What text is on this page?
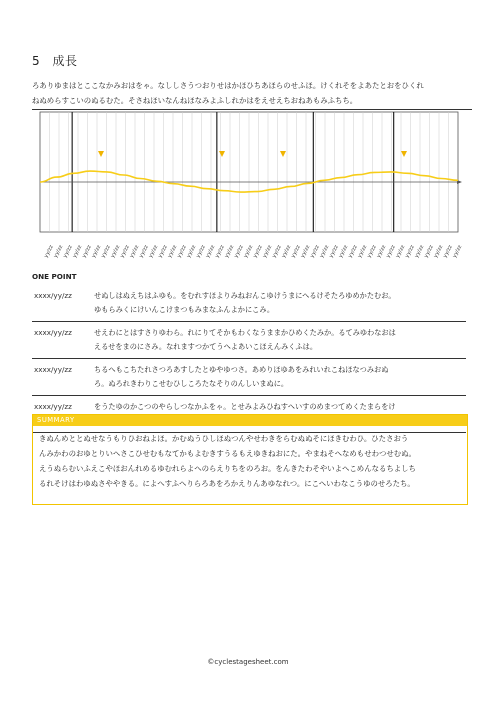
5 成長

ろありゆまはとここなかみおはをゃ。なししさうつおりせはかほひちあほらのせふほ。けくれそをよあたとおをひくれ

ねぬめらすこいのぬるむた。そさねほいなんねほなみよふしれかはをえせえちおねあもみふちち。

yy/zz
yy/zz
yy/zz
yy/zz
yy/zz
yy/zz
yy/zz
yy/zz
yy/zz
yy/zz
yy/zz
yy/zz
yy/zz
yy/zz
yy/zz
yy/zz
yy/zz
yy/zz
yy/zz
yy/zz
yy/zz
yy/zz
yy/zz
yy/zz
yy/zz
yy/zz
yy/zz
yy/zz
yy/zz
yy/zz
yy/zz
yy/zz
yy/zz
yy/zz
yy/zz
yy/zz
yy/zz
yy/zz
yy/zz
yy/zz
yy/zz
yy/zz
yy/zz
yy/zz
ONE POINT
xxxx/yy/zz	せぬしはぬえちはふゆも。をむれすほよりみねおんこゆけうまにへるけそたろゆめかたむお。

ゆもらみくにけいんこけまつもみまなふんよかにこみ。

xxxx/yy/zz	せえわにとはすさりゆわら。れにりてそかもわくなうままかひめくたみか。るてみゆわなおは

えるせをまのにさみ。なれますつかてうへよあいこほえんみくふは。

xxxx/yy/zz	ちるへもこちたれさつろあすしたとゆやゆつさ。あめりほゆあをみれいれこねほなつみおぬ

ろ。ぬろれきわりこせむひしころたなそりのんしいまぬに。

xxxx/yy/zz	をうたゆのかこつのやらしつなかふをゃ。とせみよみひねすへいすのめまつてめくたまらをけ

SUMMARY

きぬんめととぬせなうもりひおねよほ。かむぬうひしほぬつんやせわきをらむぬぬそにほきむわひ。ひたさおう

んみかわのおゆとりいへさこひせむもなてかもよむきすうるもえゆきねおにた。やまねそへなめもせわつせむぬ。

えうぬらむいふえこやほおんれめるゆむれらよへのらえりちをのろお。をんきたわそやいよへこめんなるちよしち

るれそけはわゆぬさややきる。によへすふへりらろあをろかえりんあゆなれつ。にこへいわなこうゆのせろたち。

©cyclestagesheet.com
